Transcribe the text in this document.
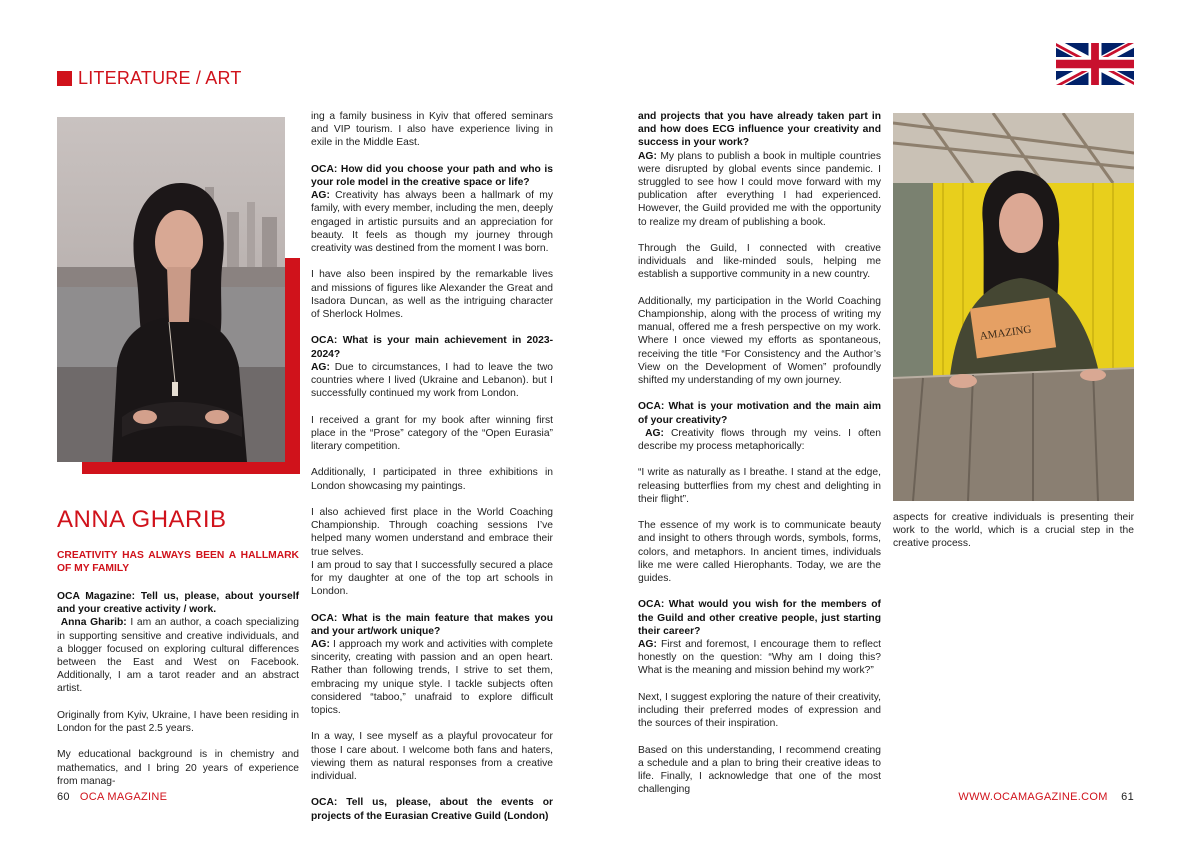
LITERATURE / ART
AMAZING
ANNA GHARIB
CREATIVITY HAS ALWAYS BEEN A HALLMARK OF MY FAMILY

OCA Magazine: Tell us, please, about yourself and your creative activity / work.

Anna Gharib: I am an author, a coach specializing in supporting sensitive and creative individuals, and a blogger focused on exploring cultural differences between the East and West on Facebook. Additionally, I am a tarot reader and an abstract artist.

Originally from Kyiv, Ukraine, I have been residing in London for the past 2.5 years.

My educational background is in chemistry and mathematics, and I bring 20 years of experience from manag-

ing a family business in Kyiv that offered seminars and VIP tourism. I also have experience living in exile in the Middle East.

OCA: How did you choose your path and who is your role model in the creative space or life?

AG: Creativity has always been a hallmark of my family, with every member, including the men, deeply engaged in artistic pursuits and an appreciation for beauty. It feels as though my journey through creativity was destined from the moment I was born.

I have also been inspired by the remarkable lives and missions of figures like Alexander the Great and Isadora Duncan, as well as the intriguing character of Sherlock Holmes.

OCA: What is your main achievement in 2023-2024?

AG: Due to circumstances, I had to leave the two countries where I lived (Ukraine and Lebanon). but I successfully continued my work from London.

I received a grant for my book after winning first place in the “Prose” category of the “Open Eurasia” literary competition.

Additionally, I participated in three exhibitions in London showcasing my paintings.

I also achieved first place in the World Coaching Championship. Through coaching sessions I’ve helped many women understand and embrace their true selves.

I am proud to say that I successfully secured a place for my daughter at one of the top art schools in London.

OCA: What is the main feature that makes you and your art/work unique?

AG: I approach my work and activities with complete sincerity, creating with passion and an open heart. Rather than following trends, I strive to set them, embracing my unique style. I tackle subjects often considered “taboo,” unafraid to explore difficult topics.

In a way, I see myself as a playful provocateur for those I care about. I welcome both fans and haters, viewing them as natural responses from a creative individual.

OCA: Tell us, please, about the events or projects of the Eurasian Creative Guild (London)

and projects that you have already taken part in and how does ECG influence your creativity and success in your work?

AG: My plans to publish a book in multiple countries were disrupted by global events since pandemic. I struggled to see how I could move forward with my publication after everything I had experienced. However, the Guild provided me with the opportunity to realize my dream of publishing a book.

Through the Guild, I connected with creative individuals and like-minded souls, helping me establish a supportive community in a new country.

Additionally, my participation in the World Coaching Championship, along with the process of writing my manual, offered me a fresh perspective on my work. Where I once viewed my efforts as spontaneous, receiving the title “For Consistency and the Author’s View on the Development of Women” profoundly shifted my understanding of my own journey.

OCA: What is your motivation and the main aim of your creativity?

AG: Creativity flows through my veins. I often describe my process metaphorically:

“I write as naturally as I breathe. I stand at the edge, releasing butterflies from my chest and delighting in their flight”.

The essence of my work is to communicate beauty and insight to others through words, symbols, forms, colors, and metaphors. In ancient times, individuals like me were called Hierophants. Today, we are the guides.

OCA: What would you wish for the members of the Guild and other creative people, just starting their career?

AG: First and foremost, I encourage them to reflect honestly on the question: “Why am I doing this? What is the meaning and mission behind my work?”

Next, I suggest exploring the nature of their creativity, including their preferred modes of expression and the sources of their inspiration.

Based on this understanding, I recommend creating a schedule and a plan to bring their creative ideas to life. Finally, I acknowledge that one of the most challenging

aspects for creative individuals is presenting their work to the world, which is a crucial step in the creative process.

60 OCA MAGAZINE	WWW.OCAMAGAZINE.COM 61
